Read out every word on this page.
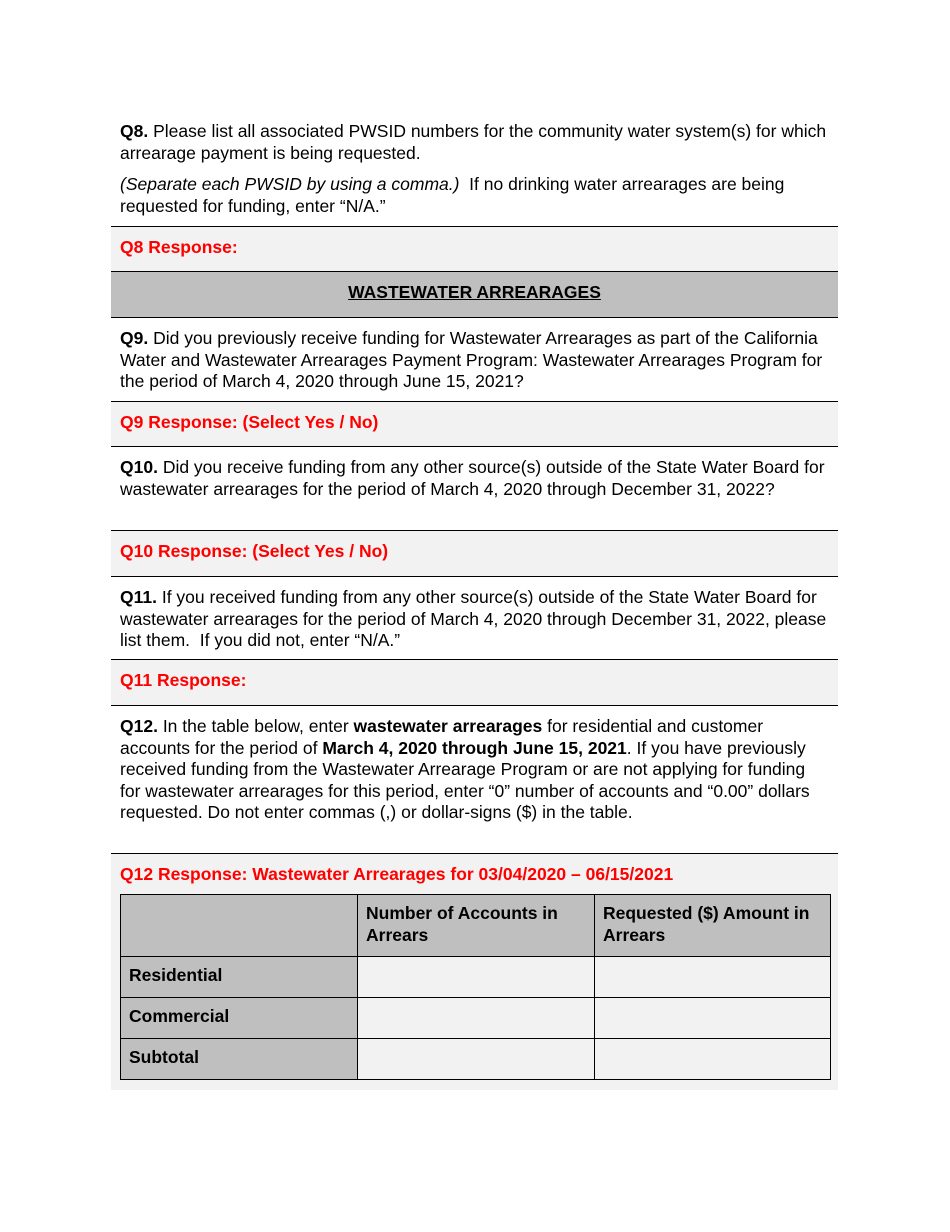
Q8. Please list all associated PWSID numbers for the community water system(s) for which arrearage payment is being requested.

(Separate each PWSID by using a comma.)  If no drinking water arrearages are being requested for funding, enter “N/A.”

Q8 Response:
WASTEWATER ARREARAGES

Q9. Did you previously receive funding for Wastewater Arrearages as part of the California Water and Wastewater Arrearages Payment Program: Wastewater Arrearages Program for the period of March 4, 2020 through June 15, 2021?

Q9 Response: (Select Yes / No)

Q10. Did you receive funding from any other source(s) outside of the State Water Board for wastewater arrearages for the period of March 4, 2020 through December 31, 2022?

Q10 Response: (Select Yes / No)

Q11. If you received funding from any other source(s) outside of the State Water Board for wastewater arrearages for the period of March 4, 2020 through December 31, 2022, please list them.  If you did not, enter “N/A.”

Q11 Response:

Q12. In the table below, enter wastewater arrearages for residential and customer accounts for the period of March 4, 2020 through June 15, 2021. If you have previously received funding from the Wastewater Arrearage Program or are not applying for funding for wastewater arrearages for this period, enter “0” number of accounts and “0.00” dollars requested. Do not enter commas (,) or dollar-signs ($) in the table.

Q12 Response: Wastewater Arrearages for 03/04/2020 – 06/15/2021
	Number of Accounts in Arrears	Requested ($) Amount in Arrears
Residential		
Commercial		
Subtotal		
